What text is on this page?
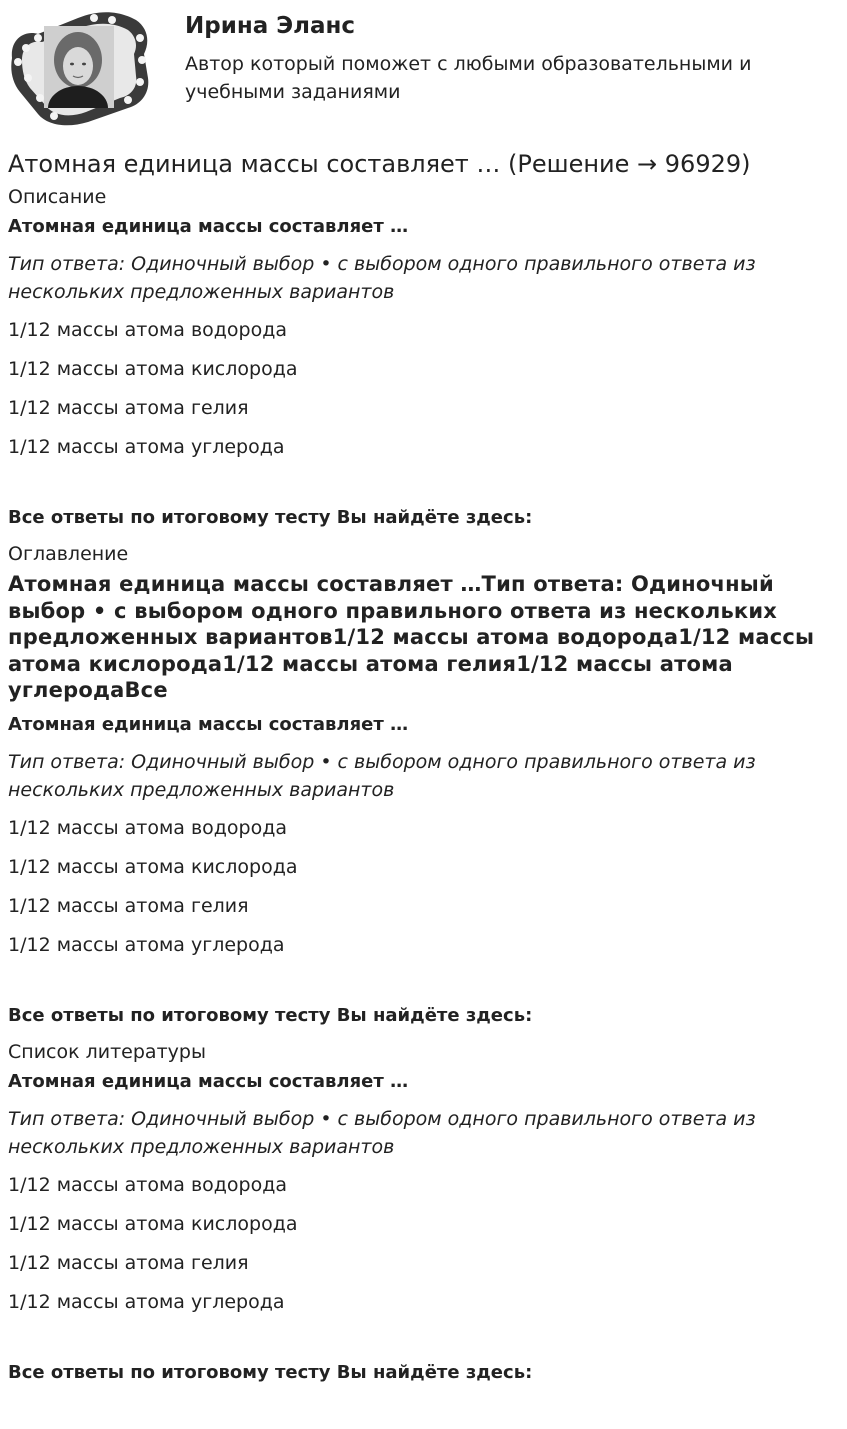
Ирина Эланс
Автор который поможет с любыми образовательными и учебными заданиями
Атомная единица массы составляет … (Решение → 96929)
Описание
Атомная единица массы составляет …
Тип ответа: Одиночный выбор • с выбором одного правильного ответа из нескольких предложенных вариантов
1/12 массы атома водорода
1/12 массы атома кислорода
1/12 массы атома гелия
1/12 массы атома углерода
Все ответы по итоговому тесту Вы найдёте здесь:
Оглавление
Атомная единица массы составляет …Тип ответа: Одиночный выбор • с выбором одного правильного ответа из нескольких предложенных вариантов1/12 массы атома водорода1/12 массы атома кислорода1/12 массы атома гелия1/12 массы атома углеродаВсе
Атомная единица массы составляет …
Тип ответа: Одиночный выбор • с выбором одного правильного ответа из нескольких предложенных вариантов
1/12 массы атома водорода
1/12 массы атома кислорода
1/12 массы атома гелия
1/12 массы атома углерода
Все ответы по итоговому тесту Вы найдёте здесь:
Список литературы
Атомная единица массы составляет …
Тип ответа: Одиночный выбор • с выбором одного правильного ответа из нескольких предложенных вариантов
1/12 массы атома водорода
1/12 массы атома кислорода
1/12 массы атома гелия
1/12 массы атома углерода
Все ответы по итоговому тесту Вы найдёте здесь:
